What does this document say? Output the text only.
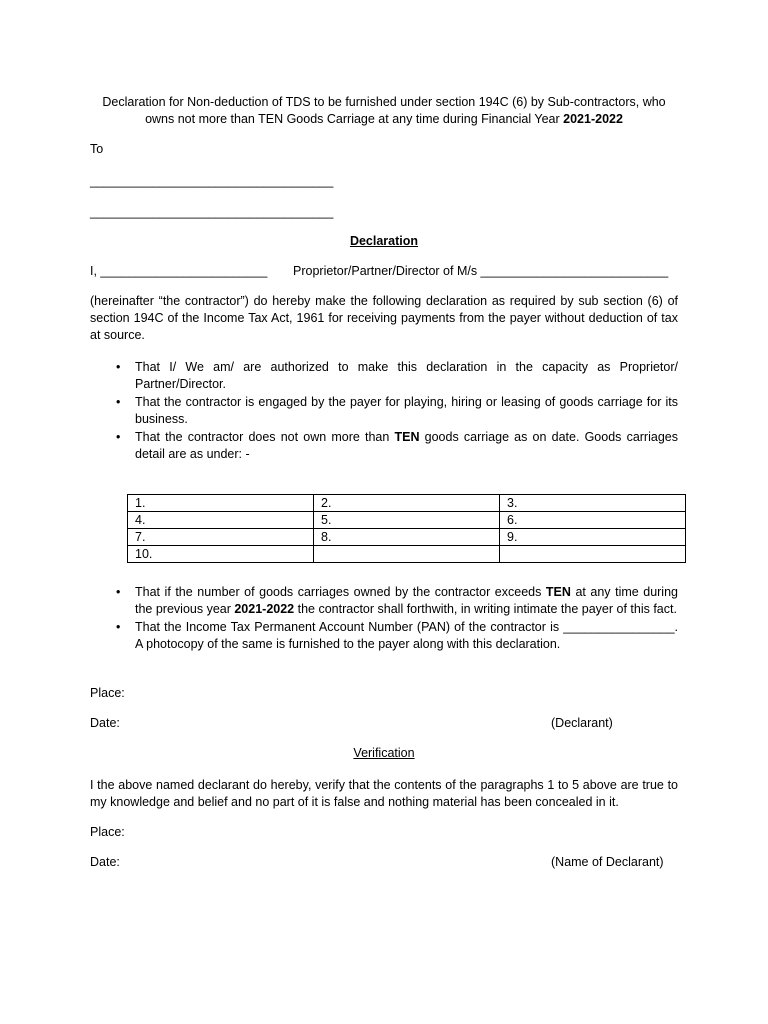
Declaration for Non-deduction of TDS to be furnished under section 194C (6) by Sub-contractors, who
owns not more than TEN Goods Carriage at any time during Financial Year 2021-2022
To
___________________________________
___________________________________
Declaration
I, ________________________ Proprietor/Partner/Director of M/s ___________________________
(hereinafter “the contractor”) do hereby make the following declaration as required by sub section (6) of section 194C of the Income Tax Act, 1961 for receiving payments from the payer without deduction of tax at source.
• That I/ We am/ are authorized to make this declaration in the capacity as Proprietor/ Partner/Director.
• That the contractor is engaged by the payer for playing, hiring or leasing of goods carriage for its business.
• That the contractor does not own more than TEN goods carriage as on date. Goods carriages detail are as under: -
1.	2.	3.
4.	5.	6.
7.	8.	9.
10.		
• That if the number of goods carriages owned by the contractor exceeds TEN at any time during the previous year 2021-2022 the contractor shall forthwith, in writing intimate the payer of this fact.
• That the Income Tax Permanent Account Number (PAN) of the contractor is ________________. A photocopy of the same is furnished to the payer along with this declaration.
Place:
Date:	(Declarant)
Verification
I the above named declarant do hereby, verify that the contents of the paragraphs 1 to 5 above are true to my knowledge and belief and no part of it is false and nothing material has been concealed in it.
Place:
Date:	(Name of Declarant)
